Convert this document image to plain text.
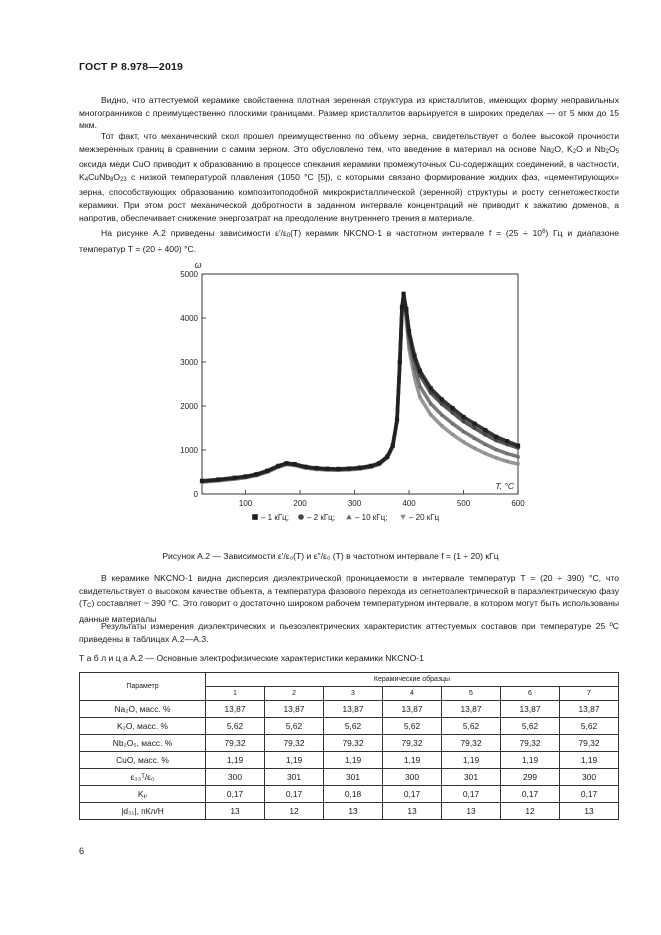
ГОСТ Р 8.978—2019

Видно, что аттестуемой керамике свойственна плотная зеренная структура из кристаллитов, имеющих форму неправильных многогранников с преимущественно плоскими границами. Размер кристаллитов варьируется в широких пределах — от 5 мкм до 15 мкм.

Тот факт, что механический скол прошел преимущественно по объему зерна, свидетельствует о более высокой прочности межзеренных границ в сравнении с самим зерном. Это обусловлено тем, что введение в материал на основе $Na_2O$, $K_2O$ и $Nb_2O_5$ оксида меди CuO приводит к образованию в процессе спекания керамики промежуточных Cu-содержащих соединений, в частности, $K_4CuNb_8O_{23}$ с низкой температурой плавления (1050 °С [5]), с которыми связано формирование жидких фаз, «цементирующих» зерна, способствующих образованию композитоподобной микрокристаллической (зеренной) структуры и росту сегнетожесткости керамики. При этом рост механической добротности в заданном интервале концентраций не приводит к зажатию доменов, а напротив, обеспечивает снижение энергозатрат на преодоление внутреннего трения в материале.

На рисунке А.2 приведены зависимости $\varepsilon'/\varepsilon_0(T)$ керамик NKCNO-1 в частотном интервале $f = (25 \div 10^6)$ Гц и диапазоне температур T = (20 ÷ 400) °С.

0
1000
2000
3000
4000
5000
100	200	300	400	500	600
ω
T, °C
– 1 кГц; – 2 кГц;	– 10 кГц;	– 20 кГц
Рисунок А.2 — Зависимости ε'/ε₀(T) и ε"/ε₀ (T) в частотном интервале f = (1 ÷ 20) кГц

В керамике NKCNO-1 видна дисперсия диэлектрической проницаемости в интервале температур T = (20 ÷ 390) °С, что свидетельствует о высоком качестве объекта, а температура фазового перехода из сегнетоэлектрической в параэлектрическую фазу $(T_C)$ составляет ~ 390 °С. Это говорит о достаточно широком рабочем температурном интервале, в котором могут быть использованы данные материалы

Результаты измерения диэлектрических и пьезоэлектрических характеристик аттестуемых составов при температуре 25 ºС приведены в таблицах А.2—А.3.

Т а б л и ц а А.2 — Основные электрофизические характеристики керамики NKCNO-1
Параметр	Керамические образцы						
	1	2	3	4	5	6	7
Na₂O, масс. %	13,87	13,87	13,87	13,87	13,87	13,87	13,87
K₂O, масс. %	5,62	5,62	5,62	5,62	5,62	5,62	5,62
Nb₂O₅, масс. %	79,32	79,32	79,32	79,32	79,32	79,32	79,32
CuO, масс. %	1,19	1,19	1,19	1,19	1,19	1,19	1,19
ε₃₃ᵀ/ε₀	300	301	301	300	301	299	300
Kₚ	0,17	0,17	0,18	0,17	0,17	0,17	0,17
|d₃₁|, пКл/Н	13	12	13	13	13	12	13
6
